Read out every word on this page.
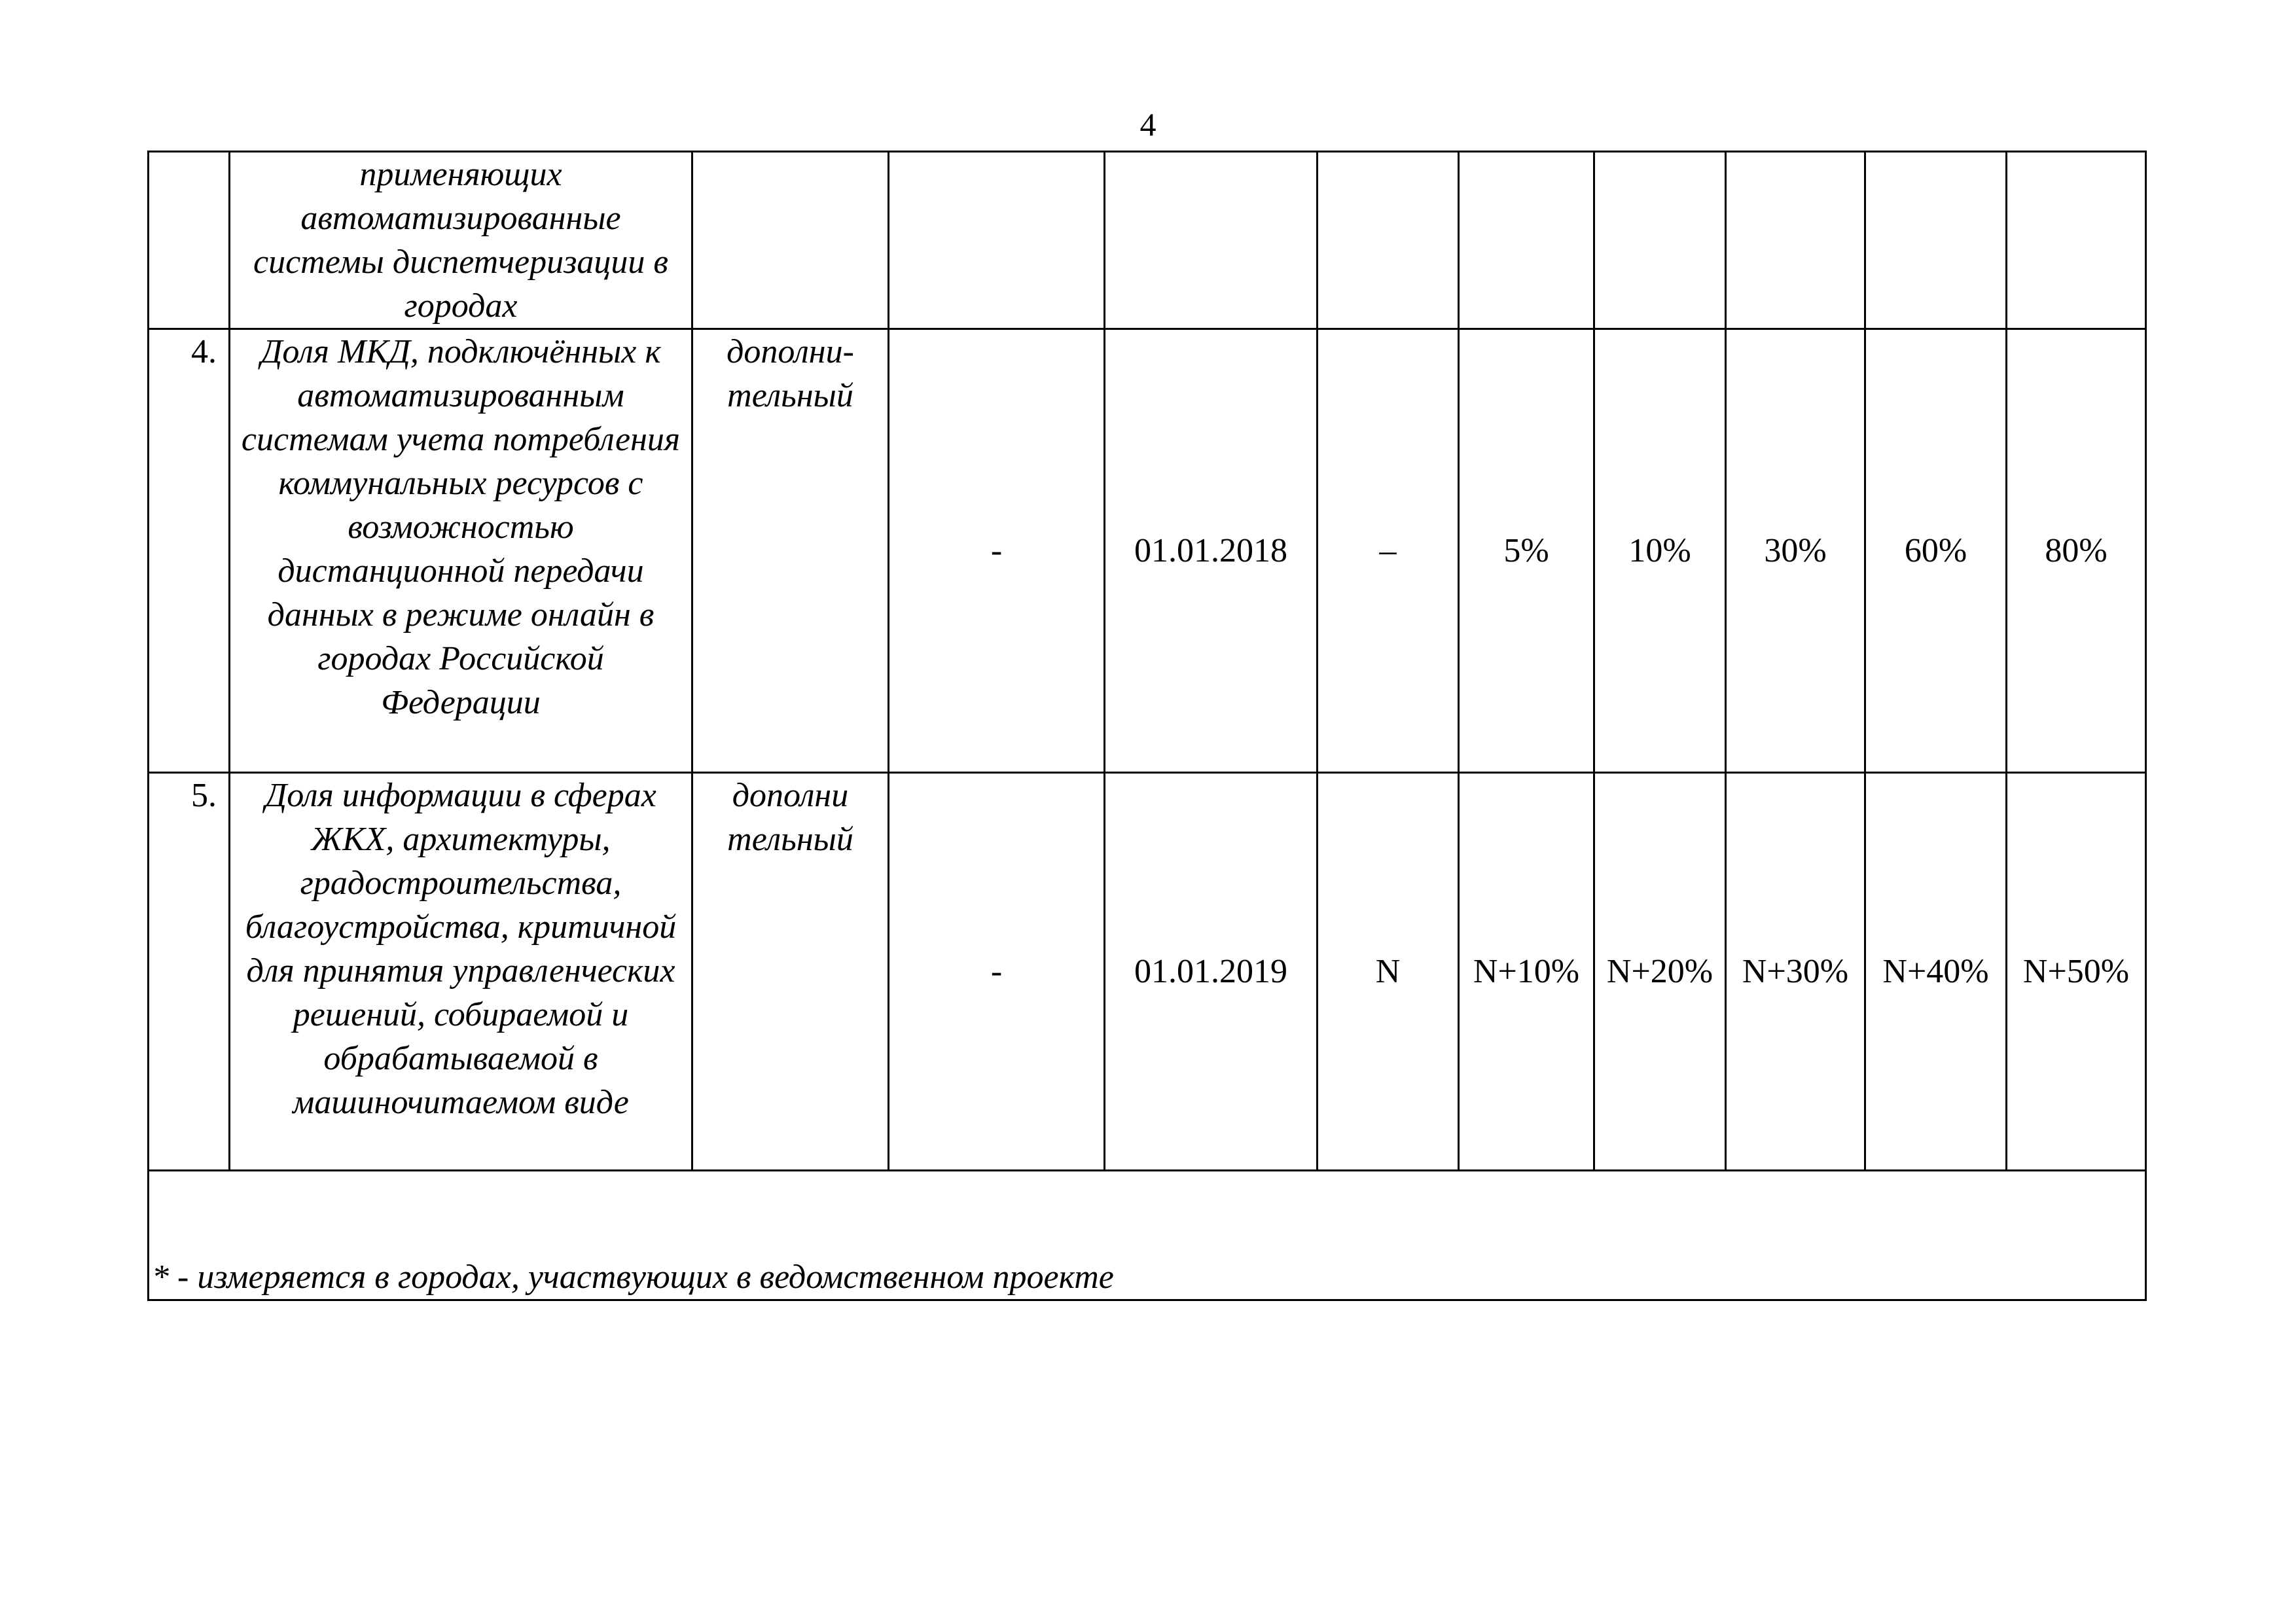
4
	применяющих автоматизированные системы диспетчеризации в городах									
4.	Доля МКД, подключённых к автоматизированным системам учета потребления коммунальных ресурсов с возможностью дистанционной передачи данных в режиме онлайн в городах Российской Федерации	дополни-тельный	-	01.01.2018	–	5%	10%	30%	60%	80%
5.	Доля информации в сферах ЖКХ, архитектуры, градостроительства, благоустройства, критичной для принятия управленческих решений, собираемой и обрабатываемой в машиночитаемом виде	дополни тельный	-	01.01.2019	N	N+10%	N+20%	N+30%	N+40%	N+50%
* - измеряется в городах, участвующих в ведомственном проекте										
